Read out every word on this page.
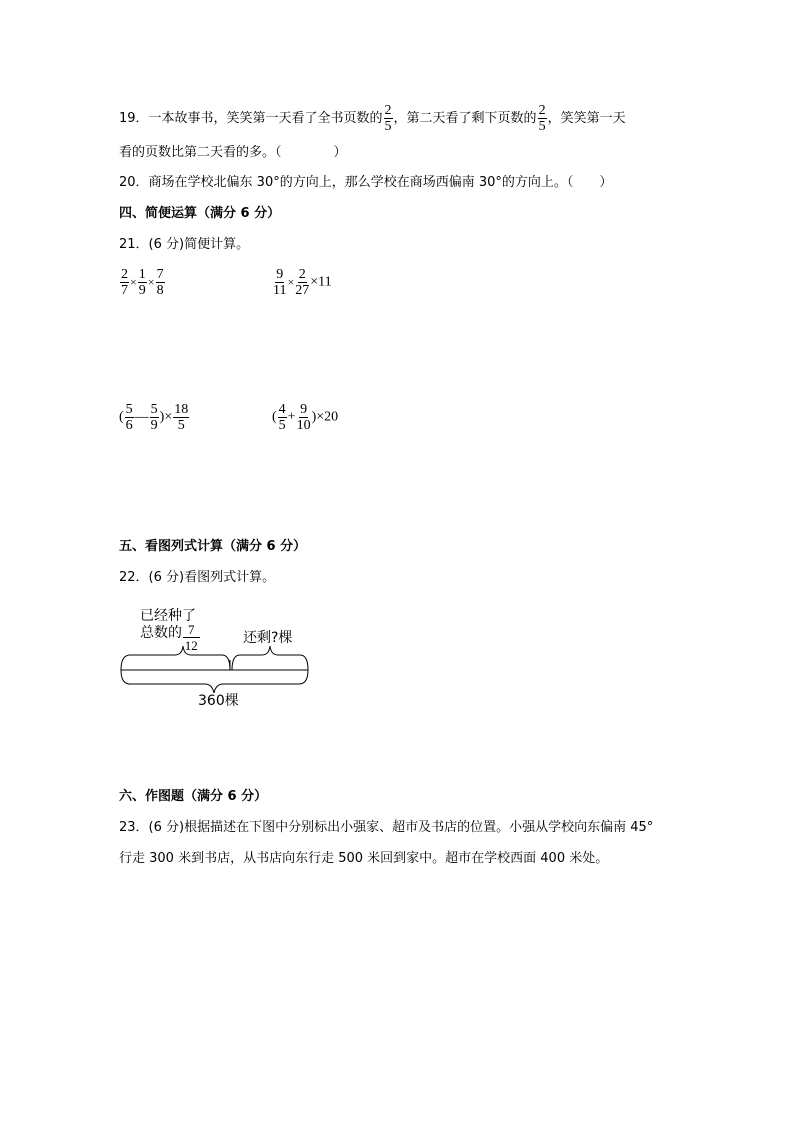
19．一本故事书，笑笑第一天看了全书页数的 $\frac{2}{5}$ ，第二天看了剩下页数的 $\frac{2}{5}$ ，笑笑第一天
看的页数比第二天看的多。（　　　　）
20．商场在学校北偏东 30°的方向上，那么学校在商场西偏南 30°的方向上。（　　）
四、简便运算（满分 6 分）
21．(6 分)简便计算。
$\frac{2}{7} \times \frac{1}{9} \times \frac{7}{8}$	$\frac{9}{11} \times \frac{2}{27} \times 11$
( $\frac{5}{6}$ — $\frac{5}{9}$ )× $\frac{18}{5}$	( $\frac{4}{5} + \frac{9}{10} )\times 20$
五、看图列式计算（满分 6 分）
22．(6 分)看图列式计算。
已经种了
总数的 $\frac{7}{12}$	还剩?棵
360棵
六、作图题（满分 6 分）
23．(6 分)根据描述在下图中分别标出小强家、超市及书店的位置。小强从学校向东偏南 45°
行走 300 米到书店，从书店向东行走 500 米回到家中。超市在学校西面 400 米处。
